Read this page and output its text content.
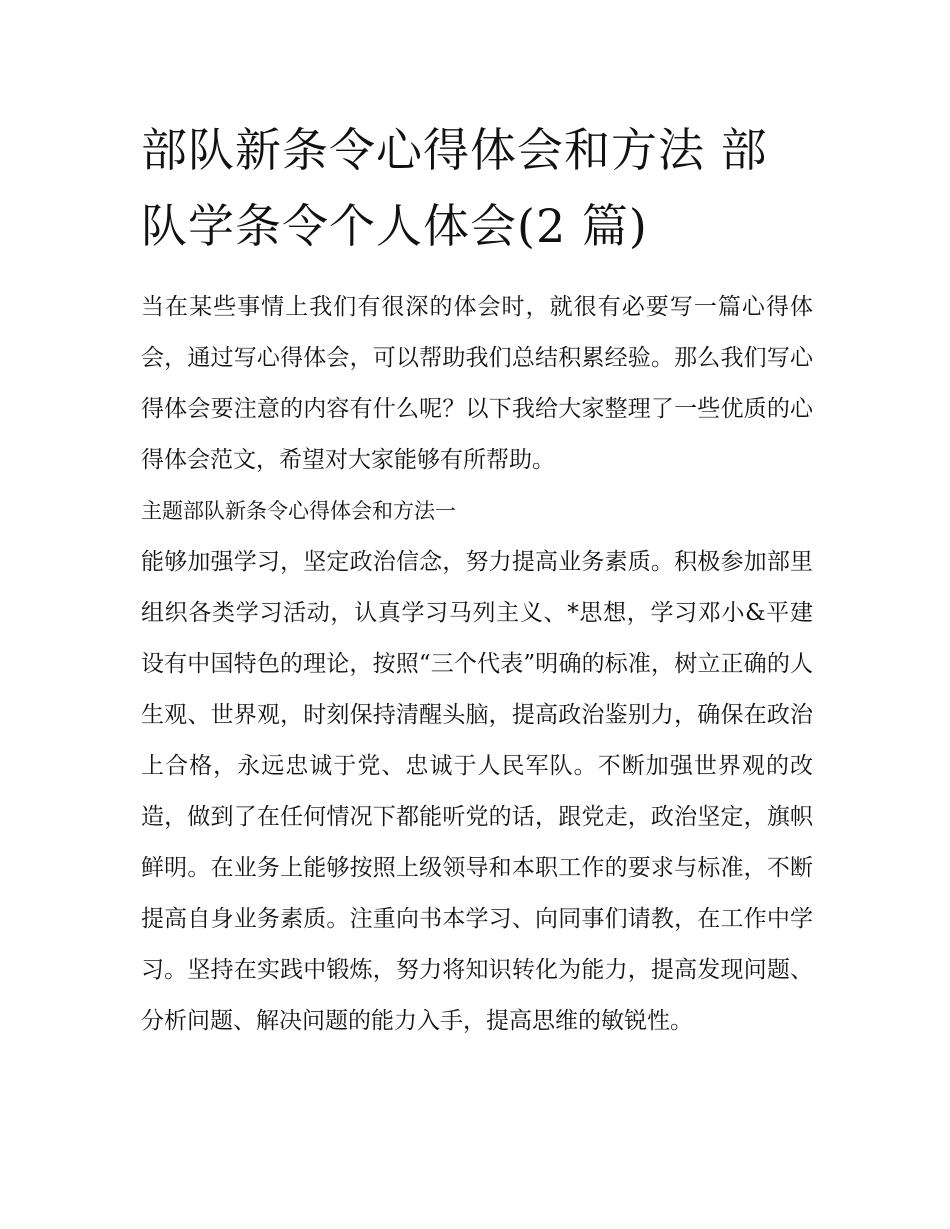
部队新条令心得体会和方法 部队学条令个人体会(2 篇)

当在某些事情上我们有很深的体会时，就很有必要写一篇心得体会，通过写心得体会，可以帮助我们总结积累经验。那么我们写心得体会要注意的内容有什么呢？以下我给大家整理了一些优质的心得体会范文，希望对大家能够有所帮助。

主题部队新条令心得体会和方法一

能够加强学习，坚定政治信念，努力提高业务素质。积极参加部里组织各类学习活动，认真学习马列主义、*思想，学习邓小&平建设有中国特色的理论，按照“三个代表”明确的标准，树立正确的人生观、世界观，时刻保持清醒头脑，提高政治鉴别力，确保在政治上合格，永远忠诚于党、忠诚于人民军队。不断加强世界观的改造，做到了在任何情况下都能听党的话，跟党走，政治坚定，旗帜鲜明。在业务上能够按照上级领导和本职工作的要求与标准，不断提高自身业务素质。注重向书本学习、向同事们请教，在工作中学习。坚持在实践中锻炼，努力将知识转化为能力，提高发现问题、分析问题、解决问题的能力入手，提高思维的敏锐性。
